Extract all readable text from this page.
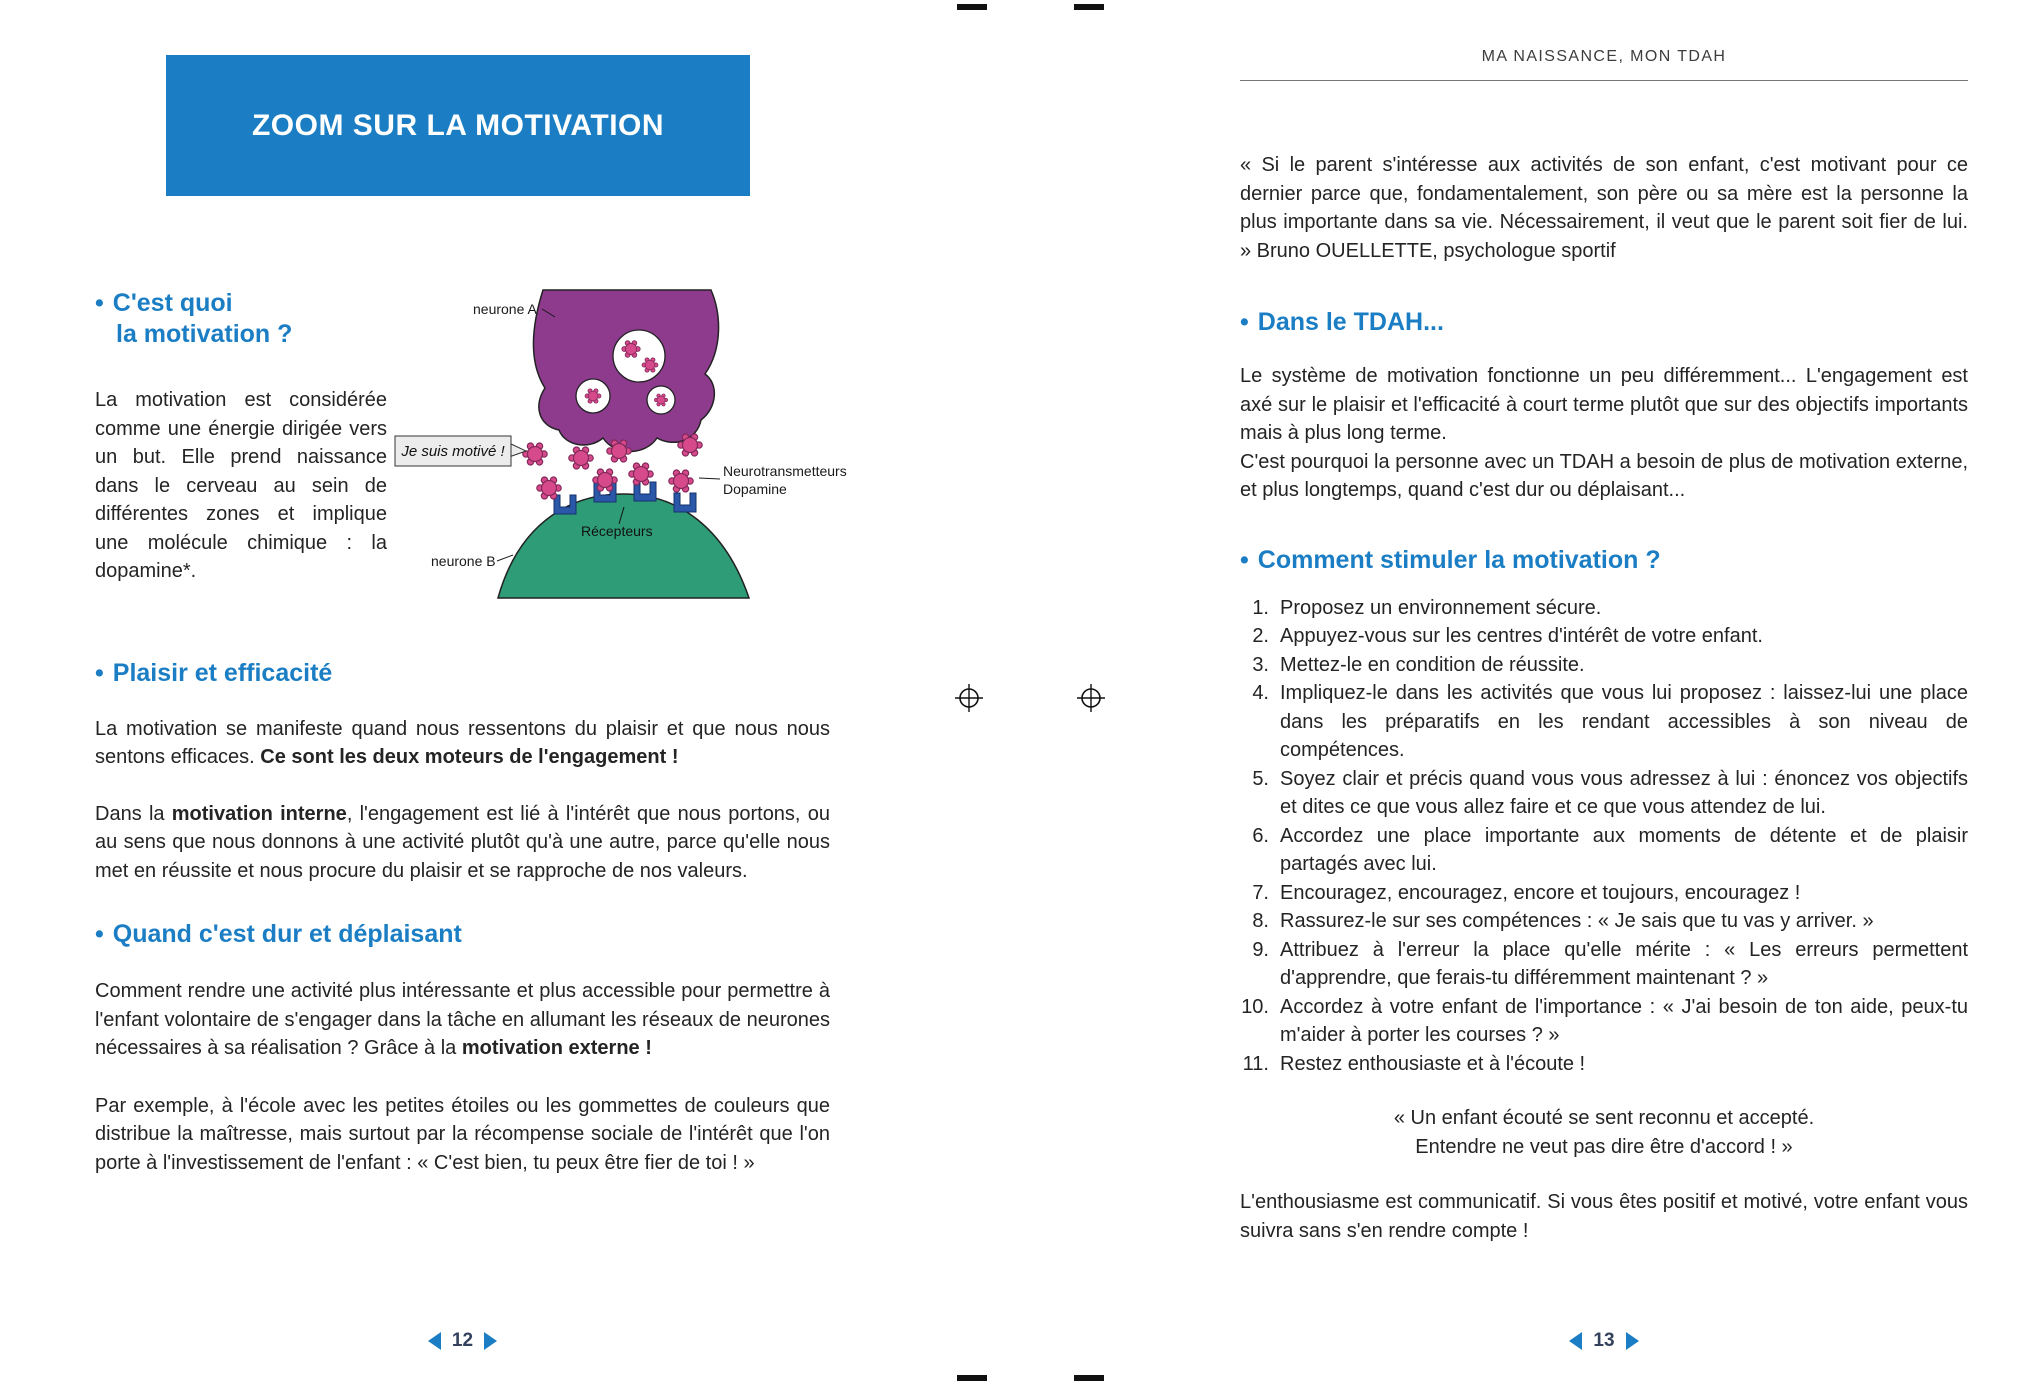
ZOOM SUR LA MOTIVATION
• C'est quoi
la motivation ?

La motivation est considérée comme une énergie dirigée vers un but. Elle prend naissance dans le cerveau au sein de différentes zones et implique une molécule chimique : la dopamine*.

Je suis motivé !
neurone A
Neurotransmetteurs
Dopamine
Récepteurs
neurone B
• Plaisir et efficacité

La motivation se manifeste quand nous ressentons du plaisir et que nous nous sentons efficaces. Ce sont les deux moteurs de l'engagement !

Dans la motivation interne, l'engagement est lié à l'intérêt que nous portons, ou au sens que nous donnons à une activité plutôt qu'à une autre, parce qu'elle nous met en réussite et nous procure du plaisir et se rapproche de nos valeurs.

• Quand c'est dur et déplaisant

Comment rendre une activité plus intéressante et plus accessible pour permettre à l'enfant volontaire de s'engager dans la tâche en allumant les réseaux de neurones nécessaires à sa réalisation ? Grâce à la motivation externe !

Par exemple, à l'école avec les petites étoiles ou les gommettes de couleurs que distribue la maîtresse, mais surtout par la récompense sociale de l'intérêt que l'on porte à l'investissement de l'enfant : « C'est bien, tu peux être fier de toi ! »

MA NAISSANCE, MON TDAH

« Si le parent s'intéresse aux activités de son enfant, c'est motivant pour ce dernier parce que, fondamentalement, son père ou sa mère est la personne la plus importante dans sa vie. Nécessairement, il veut que le parent soit fier de lui. » Bruno OUELLETTE, psychologue sportif

• Dans le TDAH...

Le système de motivation fonctionne un peu différemment... L'engagement est axé sur le plaisir et l'efficacité à court terme plutôt que sur des objectifs importants mais à plus long terme.

C'est pourquoi la personne avec un TDAH a besoin de plus de motivation externe, et plus longtemps, quand c'est dur ou déplaisant...

• Comment stimuler la motivation ?
1. Proposez un environnement sécure.
2. Appuyez-vous sur les centres d'intérêt de votre enfant.
3. Mettez-le en condition de réussite.
4. Impliquez-le dans les activités que vous lui proposez : laissez-lui une place dans les préparatifs en les rendant accessibles à son niveau de compétences.
5. Soyez clair et précis quand vous vous adressez à lui : énoncez vos objectifs et dites ce que vous allez faire et ce que vous attendez de lui.
6. Accordez une place importante aux moments de détente et de plaisir partagés avec lui.
7. Encouragez, encouragez, encore et toujours, encouragez !
8. Rassurez-le sur ses compétences : « Je sais que tu vas y arriver. »
9. Attribuez à l'erreur la place qu'elle mérite : « Les erreurs permettent d'apprendre, que ferais-tu différemment maintenant ? »
10. Accordez à votre enfant de l'importance : « J'ai besoin de ton aide, peux-tu m'aider à porter les courses ? »
11. Restez enthousiaste et à l'écoute !
« Un enfant écouté se sent reconnu et accepté.
Entendre ne veut pas dire être d'accord ! »

L'enthousiasme est communicatif. Si vous êtes positif et motivé, votre enfant vous suivra sans s'en rendre compte !

12	13
